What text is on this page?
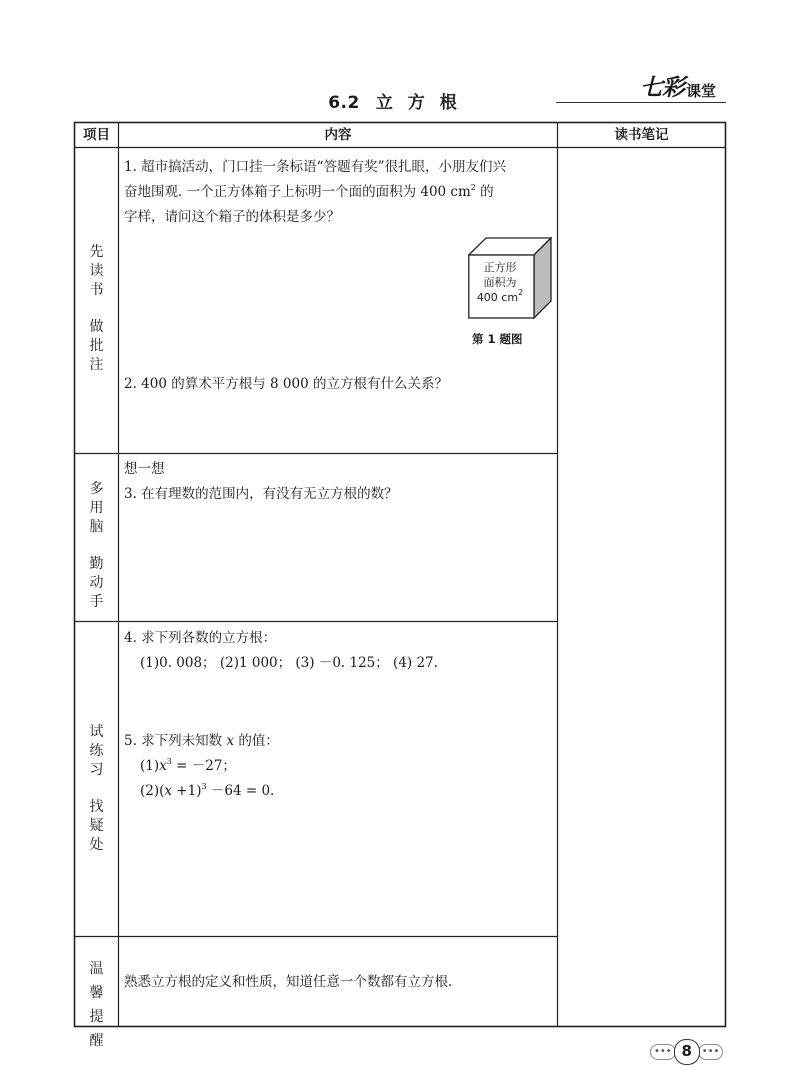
七彩 课堂
6.2 立方根
项目	内容	读书笔记
先
读
书
做
批
注
多
用
脑
勤
动
手
试
练
习
找
疑
处
温
馨
提
醒

1. 超市搞活动，门口挂一条标语“答题有奖”很扎眼，小朋友们兴

奋地围观. 一个正方体箱子上标明一个面的面积为 400 $cm^2$ 的

字样，请问这个箱子的体积是多少？

正方形
面积为
400 $cm^2$
第 1 题图
2. 400 的算术平方根与 8 000 的立方根有什么关系？

想一想

3. 在有理数的范围内，有没有无立方根的数？

4. 求下列各数的立方根：

(1)0. 008； (2)1 000； (3) －0. 125； (4) 27.

5. 求下列未知数 x 的值：

$(1)x^3 = -27$；

$(2)(x +1)^3 -64 = 0$.

熟悉立方根的定义和性质，知道任意一个数都有立方根.
••• 8 •••
